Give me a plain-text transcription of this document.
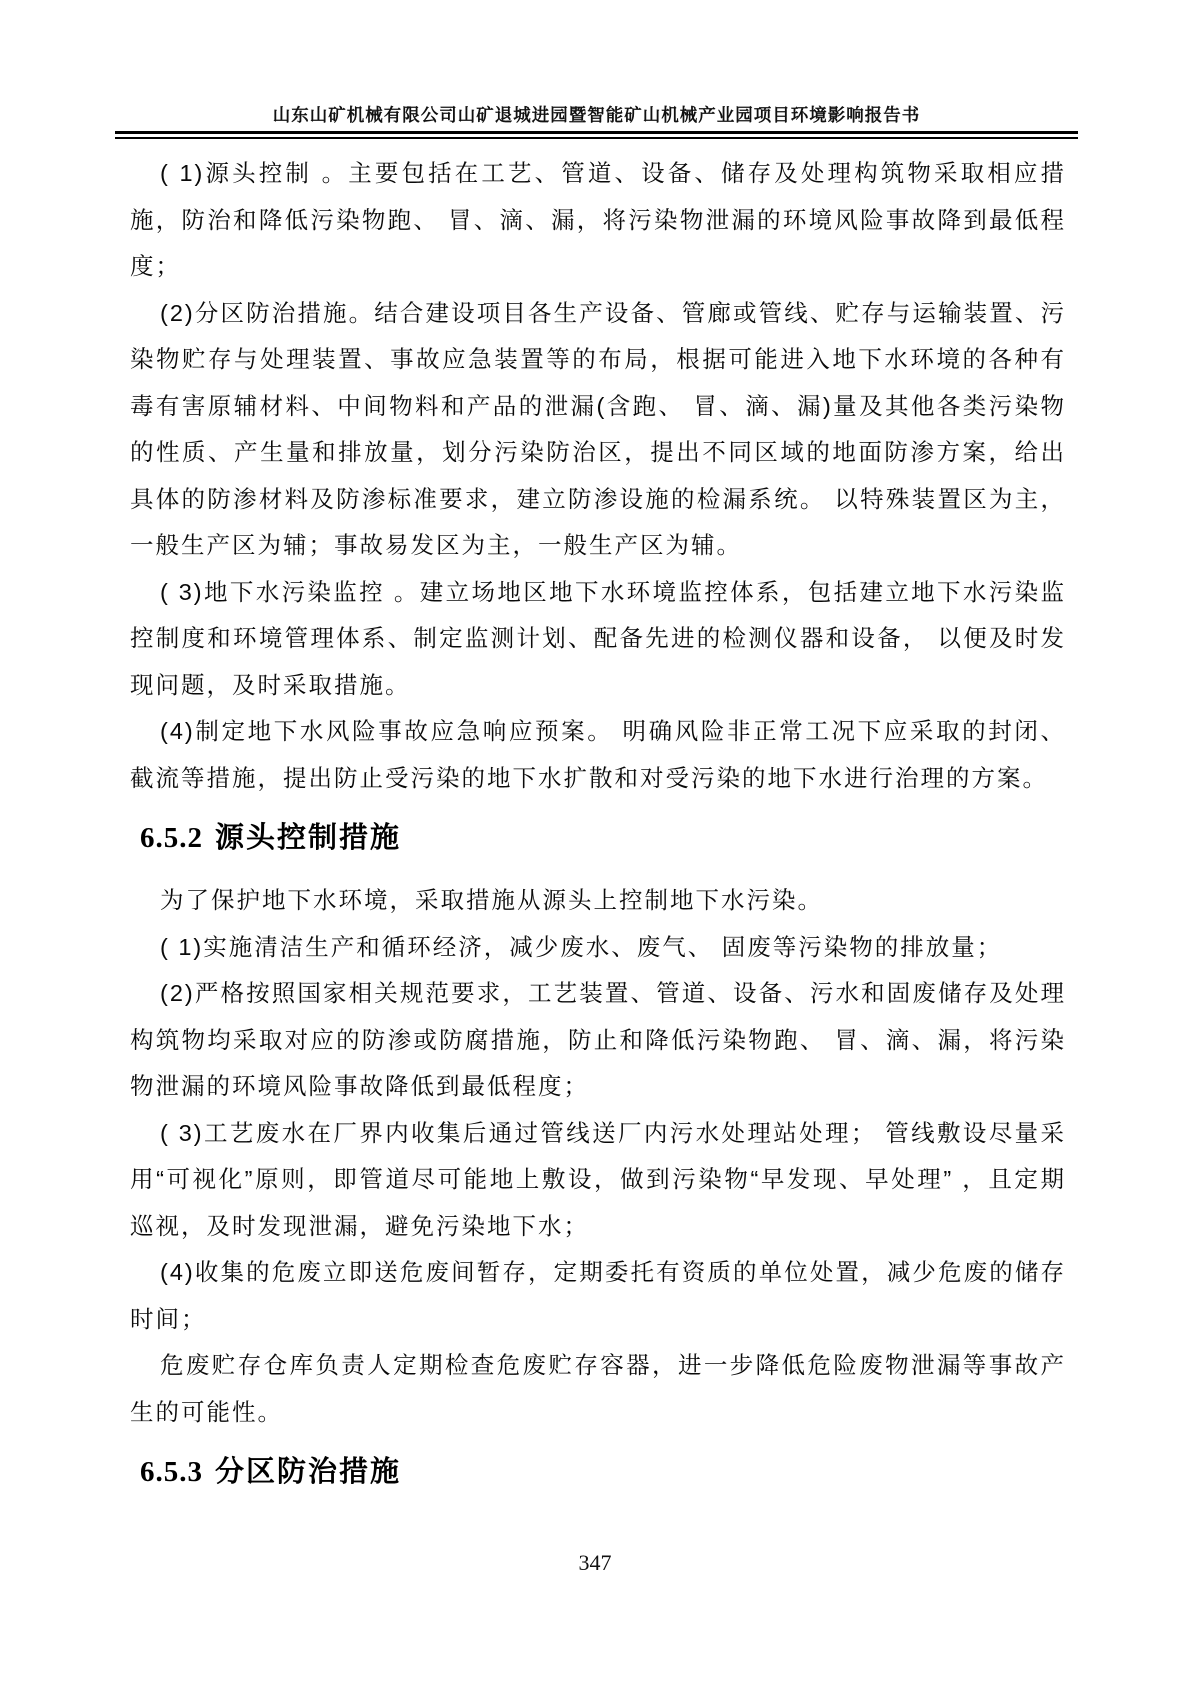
山东山矿机械有限公司山矿退城进园暨智能矿山机械产业园项目环境影响报告书

( 1)源头控制 。主要包括在工艺、管道、设备、储存及处理构筑物采取相应措施，防治和降低污染物跑、 冒、滴、漏，将污染物泄漏的环境风险事故降到最低程度；

(2)分区防治措施。结合建设项目各生产设备、管廊或管线、贮存与运输装置、污染物贮存与处理装置、事故应急装置等的布局，根据可能进入地下水环境的各种有毒有害原辅材料、中间物料和产品的泄漏(含跑、 冒、滴、漏)量及其他各类污染物的性质、产生量和排放量，划分污染防治区，提出不同区域的地面防渗方案，给出具体的防渗材料及防渗标准要求，建立防渗设施的检漏系统。 以特殊装置区为主，一般生产区为辅；事故易发区为主，一般生产区为辅。

( 3)地下水污染监控 。建立场地区地下水环境监控体系，包括建立地下水污染监控制度和环境管理体系、制定监测计划、配备先进的检测仪器和设备， 以便及时发现问题，及时采取措施。

(4)制定地下水风险事故应急响应预案。 明确风险非正常工况下应采取的封闭、截流等措施，提出防止受污染的地下水扩散和对受污染的地下水进行治理的方案。

6.5.2 源头控制措施

为了保护地下水环境，采取措施从源头上控制地下水污染。

( 1)实施清洁生产和循环经济，减少废水、废气、 固废等污染物的排放量；

(2)严格按照国家相关规范要求，工艺装置、管道、设备、污水和固废储存及处理构筑物均采取对应的防渗或防腐措施，防止和降低污染物跑、 冒、滴、漏，将污染物泄漏的环境风险事故降低到最低程度；

( 3)工艺废水在厂界内收集后通过管线送厂内污水处理站处理； 管线敷设尽量采用“可视化”原则，即管道尽可能地上敷设，做到污染物“早发现、早处理” ，且定期巡视，及时发现泄漏，避免污染地下水；

(4)收集的危废立即送危废间暂存，定期委托有资质的单位处置，减少危废的储存时间；

危废贮存仓库负责人定期检查危废贮存容器，进一步降低危险废物泄漏等事故产生的可能性。

6.5.3 分区防治措施
347
